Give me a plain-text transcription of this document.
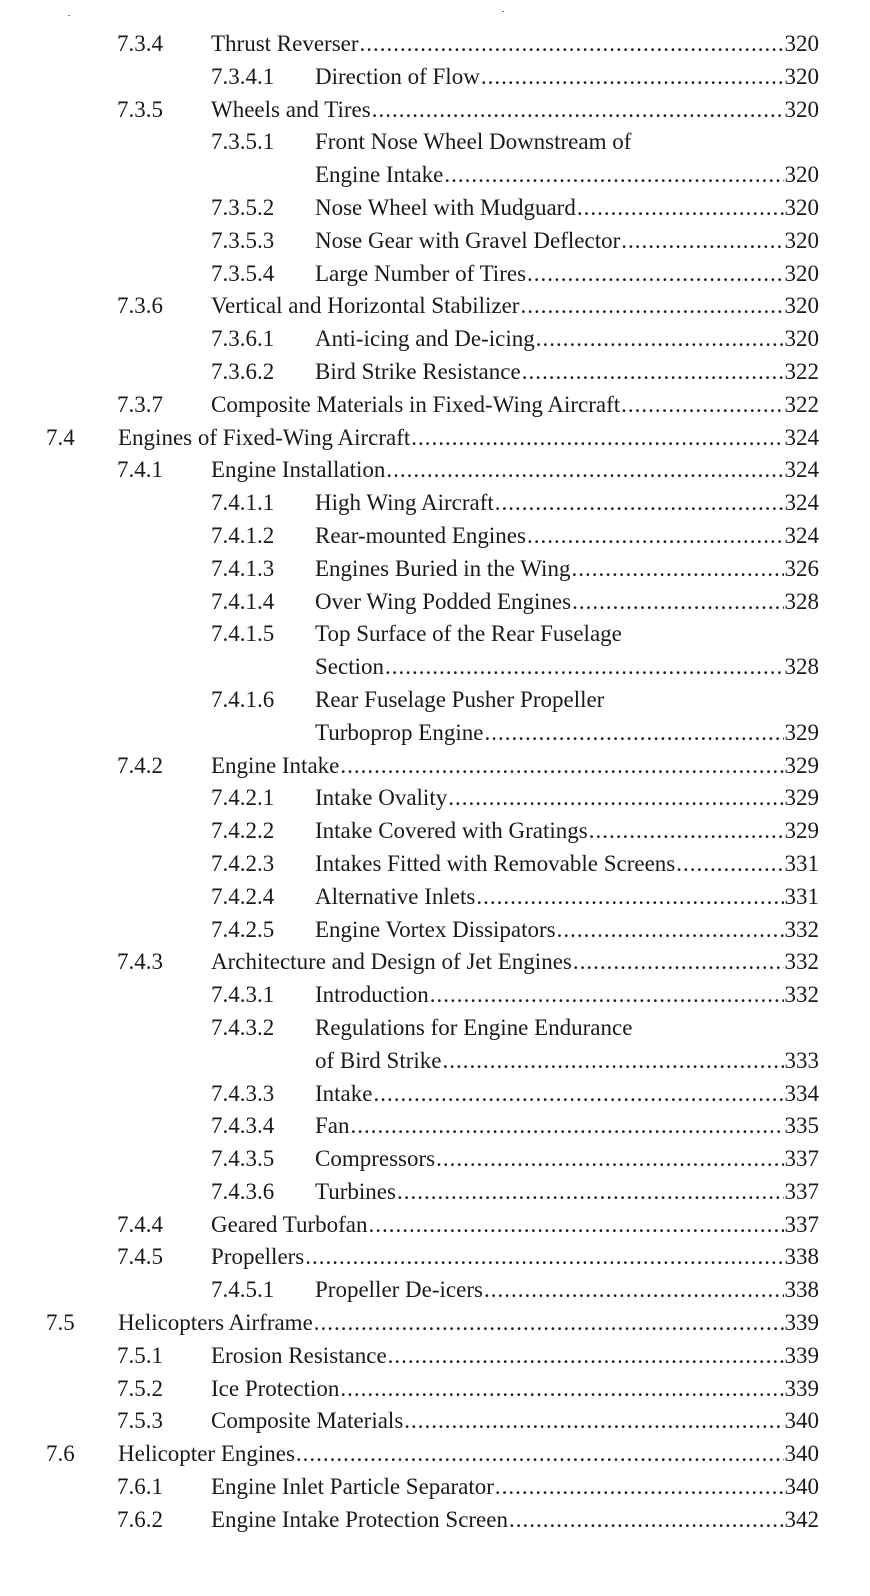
7.3.4 Thrust Reverser .....	320
7.3.4.1 Direction of Flow .....	320
7.3.5 Wheels and Tires .....	320
7.3.5.1 Front Nose Wheel Downstream of
Engine Intake .....	320
7.3.5.2 Nose Wheel with Mudguard .....	320
7.3.5.3 Nose Gear with Gravel Deflector .....	320
7.3.5.4 Large Number of Tires .....	320
7.3.6 Vertical and Horizontal Stabilizer .....	320
7.3.6.1 Anti-icing and De-icing .....	320
7.3.6.2 Bird Strike Resistance .....	322
7.3.7 Composite Materials in Fixed-Wing Aircraft .....	322
7.4 Engines of Fixed-Wing Aircraft .....	324
7.4.1 Engine Installation .....	324
7.4.1.1 High Wing Aircraft .....	324
7.4.1.2 Rear-mounted Engines .....	324
7.4.1.3 Engines Buried in the Wing .....	326
7.4.1.4 Over Wing Podded Engines .....	328
7.4.1.5 Top Surface of the Rear Fuselage
Section .....	328
7.4.1.6 Rear Fuselage Pusher Propeller
Turboprop Engine .....	329
7.4.2 Engine Intake .....	329
7.4.2.1 Intake Ovality .....	329
7.4.2.2 Intake Covered with Gratings .....	329
7.4.2.3 Intakes Fitted with Removable Screens .....	331
7.4.2.4 Alternative Inlets .....	331
7.4.2.5 Engine Vortex Dissipators .....	332
7.4.3 Architecture and Design of Jet Engines .....	332
7.4.3.1 Introduction .....	332
7.4.3.2 Regulations for Engine Endurance
of Bird Strike .....	333
7.4.3.3 Intake .....	334
7.4.3.4 Fan .....	335
7.4.3.5 Compressors .....	337
7.4.3.6 Turbines .....	337
7.4.4 Geared Turbofan .....	337
7.4.5 Propellers .....	338
7.4.5.1 Propeller De-icers .....	338
7.5 Helicopters Airframe .....	339
7.5.1 Erosion Resistance .....	339
7.5.2 Ice Protection .....	339
7.5.3 Composite Materials .....	340
7.6 Helicopter Engines .....	340
7.6.1 Engine Inlet Particle Separator .....	340
7.6.2 Engine Intake Protection Screen .....	342
